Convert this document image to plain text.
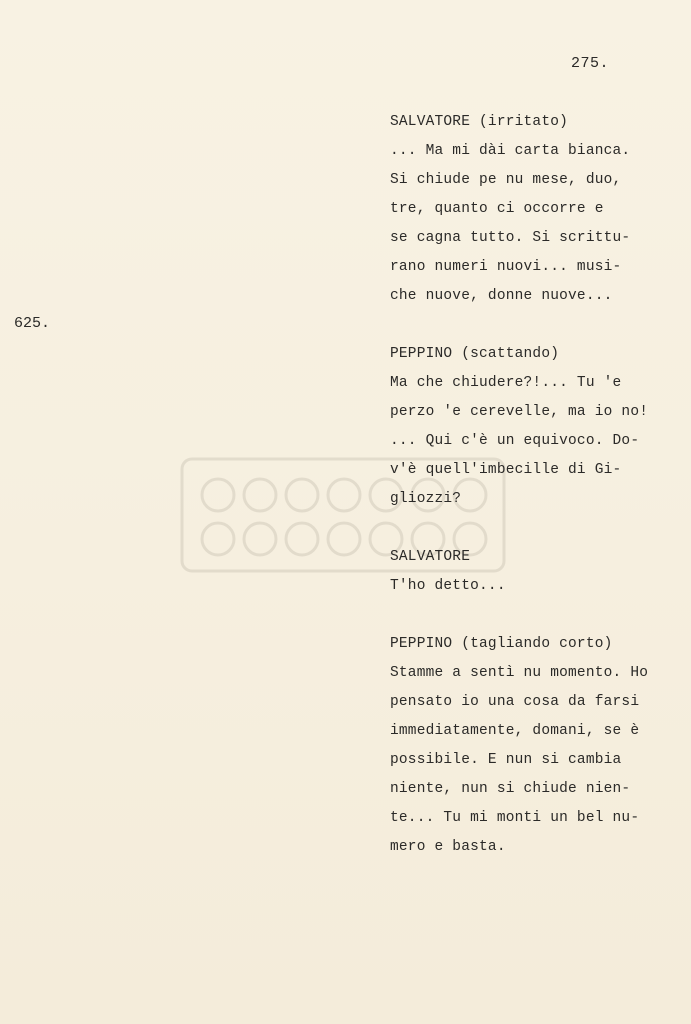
275.
625.
SALVATORE (irritato)
... Ma mi dài carta bianca.
Si chiude pe nu mese, duo,
tre, quanto ci occorre e
se cagna tutto. Si scrittu-
rano numeri nuovi... musi-
che nuove, donne nuove...
PEPPINO (scattando)
Ma che chiudere?!... Tu 'e
perzo 'e cerevelle, ma io no!
... Qui c'è un equivoco. Do-
v'è quell'imbecille di Gi-
gliozzi?
SALVATORE
T'ho detto...
PEPPINO (tagliando corto)
Stamme a sentì nu momento. Ho
pensato io una cosa da farsi
immediatamente, domani, se è
possibile. E nun si cambia
niente, nun si chiude nien-
te... Tu mi monti un bel nu-
mero e basta.
